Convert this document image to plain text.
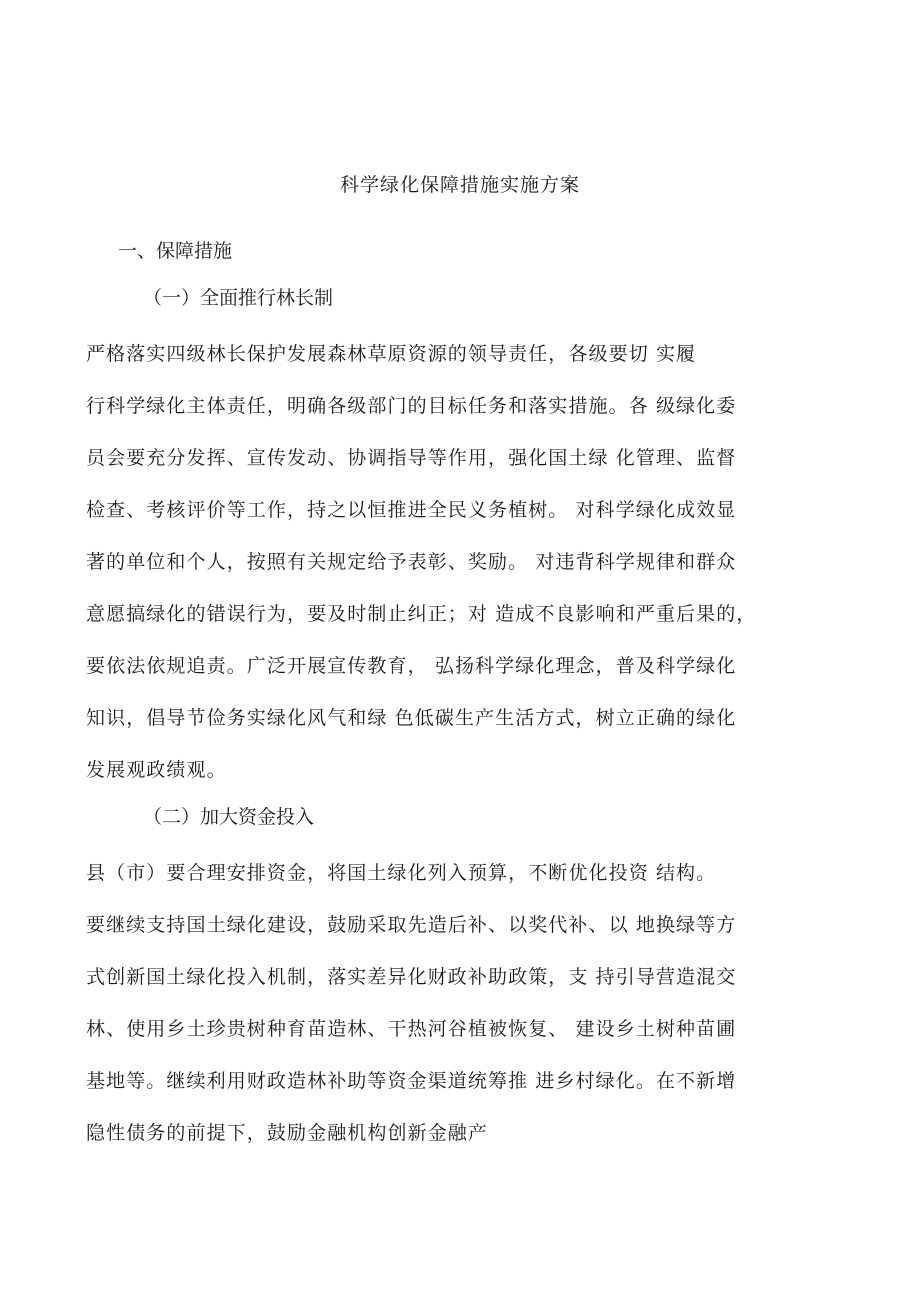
科学绿化保障措施实施方案
一、保障措施
（一）全面推行林长制
严格落实四级林长保护发展森林草原资源的领导责任，各级要切 实履
行科学绿化主体责任，明确各级部门的目标任务和落实措施。各 级绿化委
员会要充分发挥、宣传发动、协调指导等作用，强化国土绿 化管理、监督
检查、考核评价等工作，持之以恒推进全民义务植树。 对科学绿化成效显
著的单位和个人，按照有关规定给予表彰、奖励。 对违背科学规律和群众
意愿搞绿化的错误行为，要及时制止纠正；对 造成不良影响和严重后果的，
要依法依规追责。广泛开展宣传教育， 弘扬科学绿化理念，普及科学绿化
知识，倡导节俭务实绿化风气和绿 色低碳生产生活方式，树立正确的绿化
发展观政绩观。
（二）加大资金投入
县（市）要合理安排资金，将国土绿化列入预算，不断优化投资 结构。
要继续支持国土绿化建设，鼓励采取先造后补、以奖代补、以 地换绿等方
式创新国土绿化投入机制，落实差异化财政补助政策，支 持引导营造混交
林、使用乡土珍贵树种育苗造林、干热河谷植被恢复、 建设乡土树种苗圃
基地等。继续利用财政造林补助等资金渠道统筹推 进乡村绿化。在不新增
隐性债务的前提下，鼓励金融机构创新金融产
